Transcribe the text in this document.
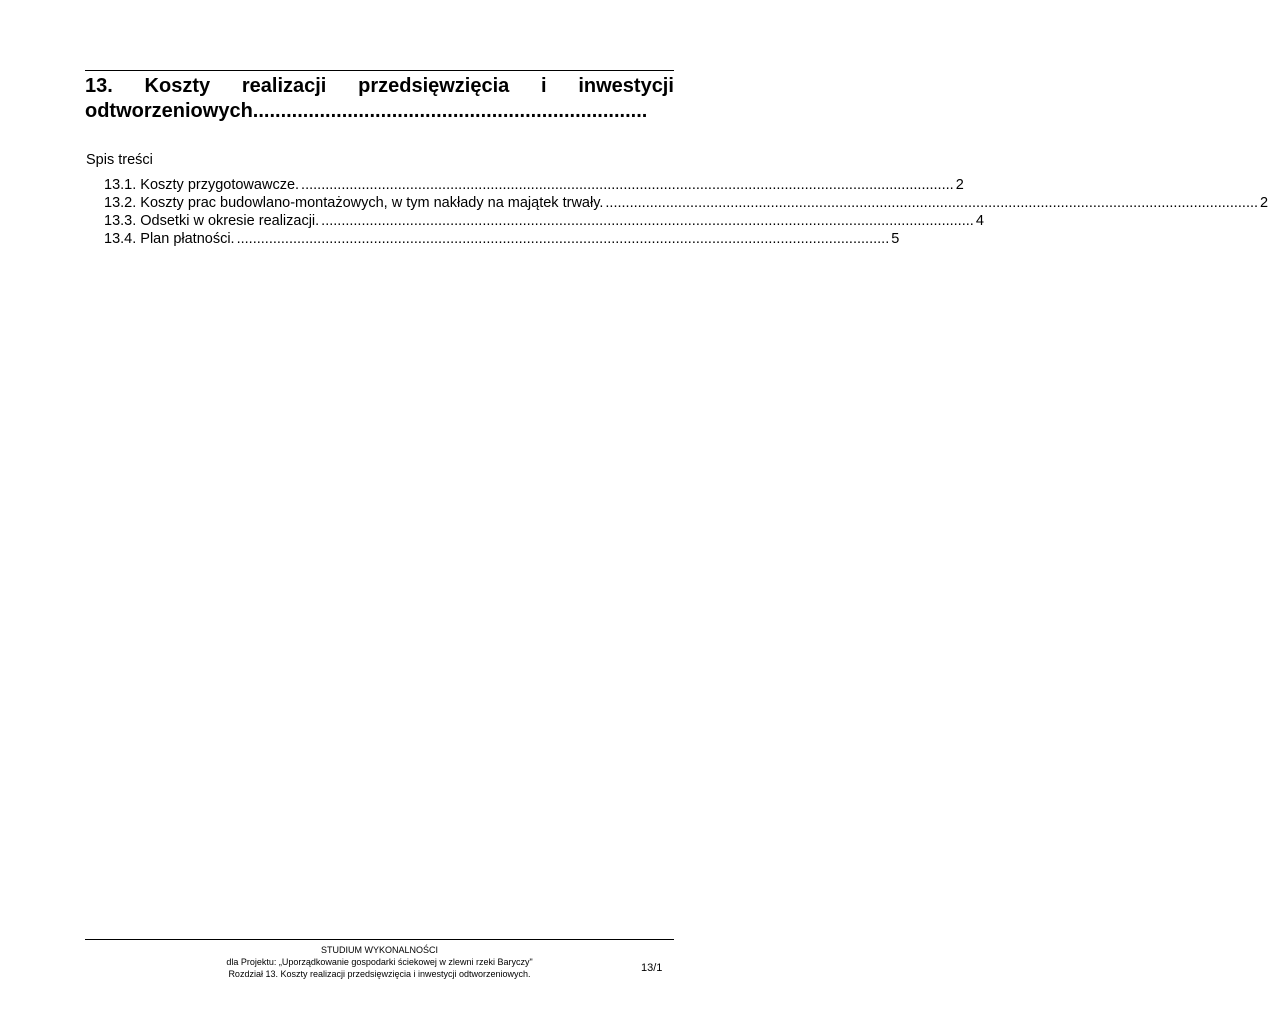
13. Koszty realizacji przedsięwzięcia i inwestycji
odtworzeniowych.......................................................................
Spis treści
13.1. Koszty przygotowawcze. .................................................................................................................................................................. 2
13.2. Koszty prac budowlano-montażowych, w tym nakłady na majątek trwały. .................................................................................................................................................................. 2
13.3. Odsetki w okresie realizacji. .................................................................................................................................................................. 4
13.4. Plan płatności. .................................................................................................................................................................. 5
STUDIUM WYKONALNOŚCI
dla Projektu: „Uporządkowanie gospodarki ściekowej w zlewni rzeki Baryczy"
Rozdział 13. Koszty realizacji przedsięwzięcia i inwestycji odtworzeniowych.	13/1
